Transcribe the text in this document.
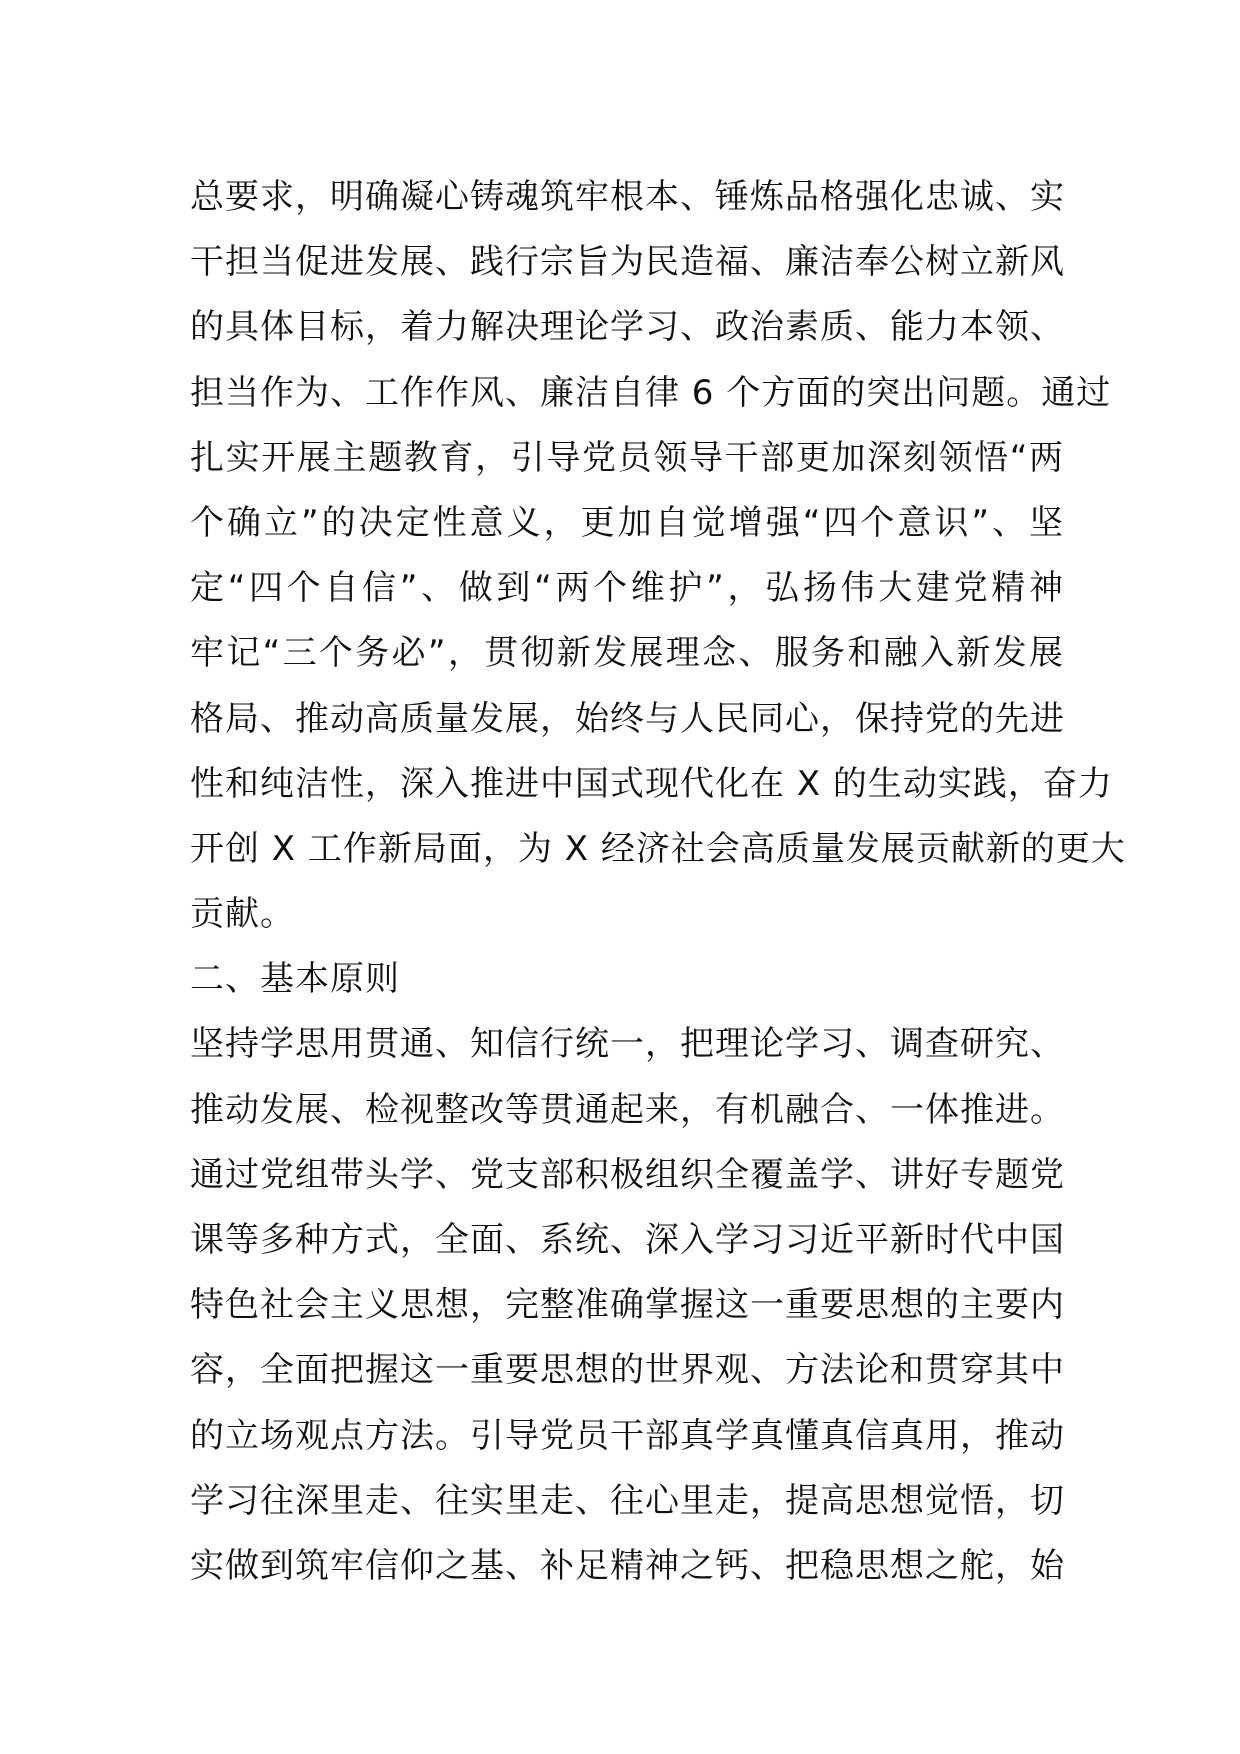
总要求，明确凝心铸魂筑牢根本、锤炼品格强化忠诚、实
干担当促进发展、践行宗旨为民造福、廉洁奉公树立新风
的具体目标，着力解决理论学习、政治素质、能力本领、
担当作为、工作作风、廉洁自律 6 个方面的突出问题。通过
扎实开展主题教育，引导党员领导干部更加深刻领悟“两
个确立”的决定性意义，更加自觉增强“四个意识”、坚
定“四个自信”、做到“两个维护”，弘扬伟大建党精神
牢记“三个务必”，贯彻新发展理念、服务和融入新发展
格局、推动高质量发展，始终与人民同心，保持党的先进
性和纯洁性，深入推进中国式现代化在 X 的生动实践，奋力
开创 X 工作新局面，为 X 经济社会高质量发展贡献新的更大
贡献。
二、基本原则
坚持学思用贯通、知信行统一，把理论学习、调查研究、
推动发展、检视整改等贯通起来，有机融合、一体推进。
通过党组带头学、党支部积极组织全覆盖学、讲好专题党
课等多种方式，全面、系统、深入学习习近平新时代中国
特色社会主义思想，完整准确掌握这一重要思想的主要内
容，全面把握这一重要思想的世界观、方法论和贯穿其中
的立场观点方法。引导党员干部真学真懂真信真用，推动
学习往深里走、往实里走、往心里走，提高思想觉悟，切
实做到筑牢信仰之基、补足精神之钙、把稳思想之舵，始
